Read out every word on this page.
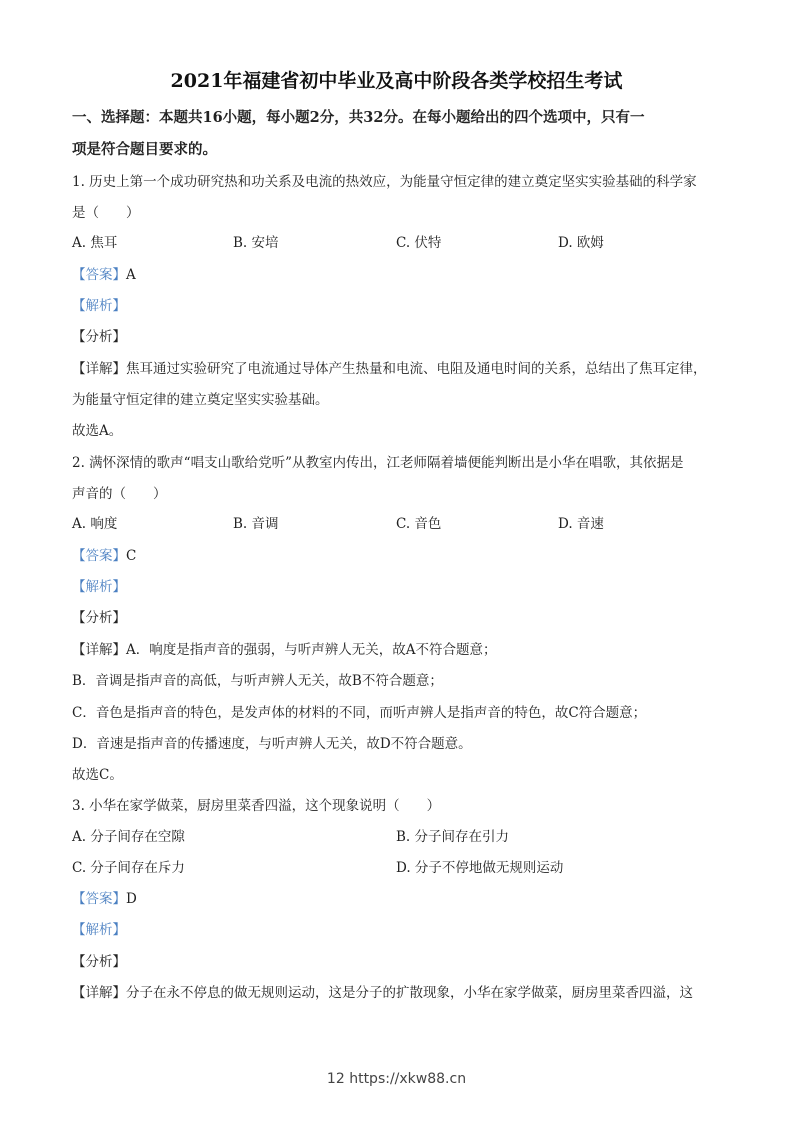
2021年福建省初中毕业及高中阶段各类学校招生考试
一、选择题：本题共16小题，每小题2分，共32分。在每小题给出的四个选项中，只有一
项是符合题目要求的。
1. 历史上第一个成功研究热和功关系及电流的热效应，为能量守恒定律的建立奠定坚实实验基础的科学家
是（　　）
A. 焦耳	B. 安培	C. 伏特	D. 欧姆
【答案】A
【解析】
【分析】
【详解】焦耳通过实验研究了电流通过导体产生热量和电流、电阻及通电时间的关系，总结出了焦耳定律，
为能量守恒定律的建立奠定坚实实验基础。
故选A。
2. 满怀深情的歌声“唱支山歌给党听”从教室内传出，江老师隔着墙便能判断出是小华在唱歌，其依据是
声音的（　　）
A. 响度	B. 音调	C. 音色	D. 音速
【答案】C
【解析】
【分析】
【详解】A．响度是指声音的强弱，与听声辨人无关，故A不符合题意；
B．音调是指声音的高低，与听声辨人无关，故B不符合题意；
C．音色是指声音的特色，是发声体的材料的不同，而听声辨人是指声音的特色，故C符合题意；
D．音速是指声音的传播速度，与听声辨人无关，故D不符合题意。
故选C。
3. 小华在家学做菜，厨房里菜香四溢，这个现象说明（　　）
A. 分子间存在空隙	B. 分子间存在引力
C. 分子间存在斥力	D. 分子不停地做无规则运动
【答案】D
【解析】
【分析】
【详解】分子在永不停息的做无规则运动，这是分子的扩散现象，小华在家学做菜，厨房里菜香四溢，这
12 https://xkw88.cn
